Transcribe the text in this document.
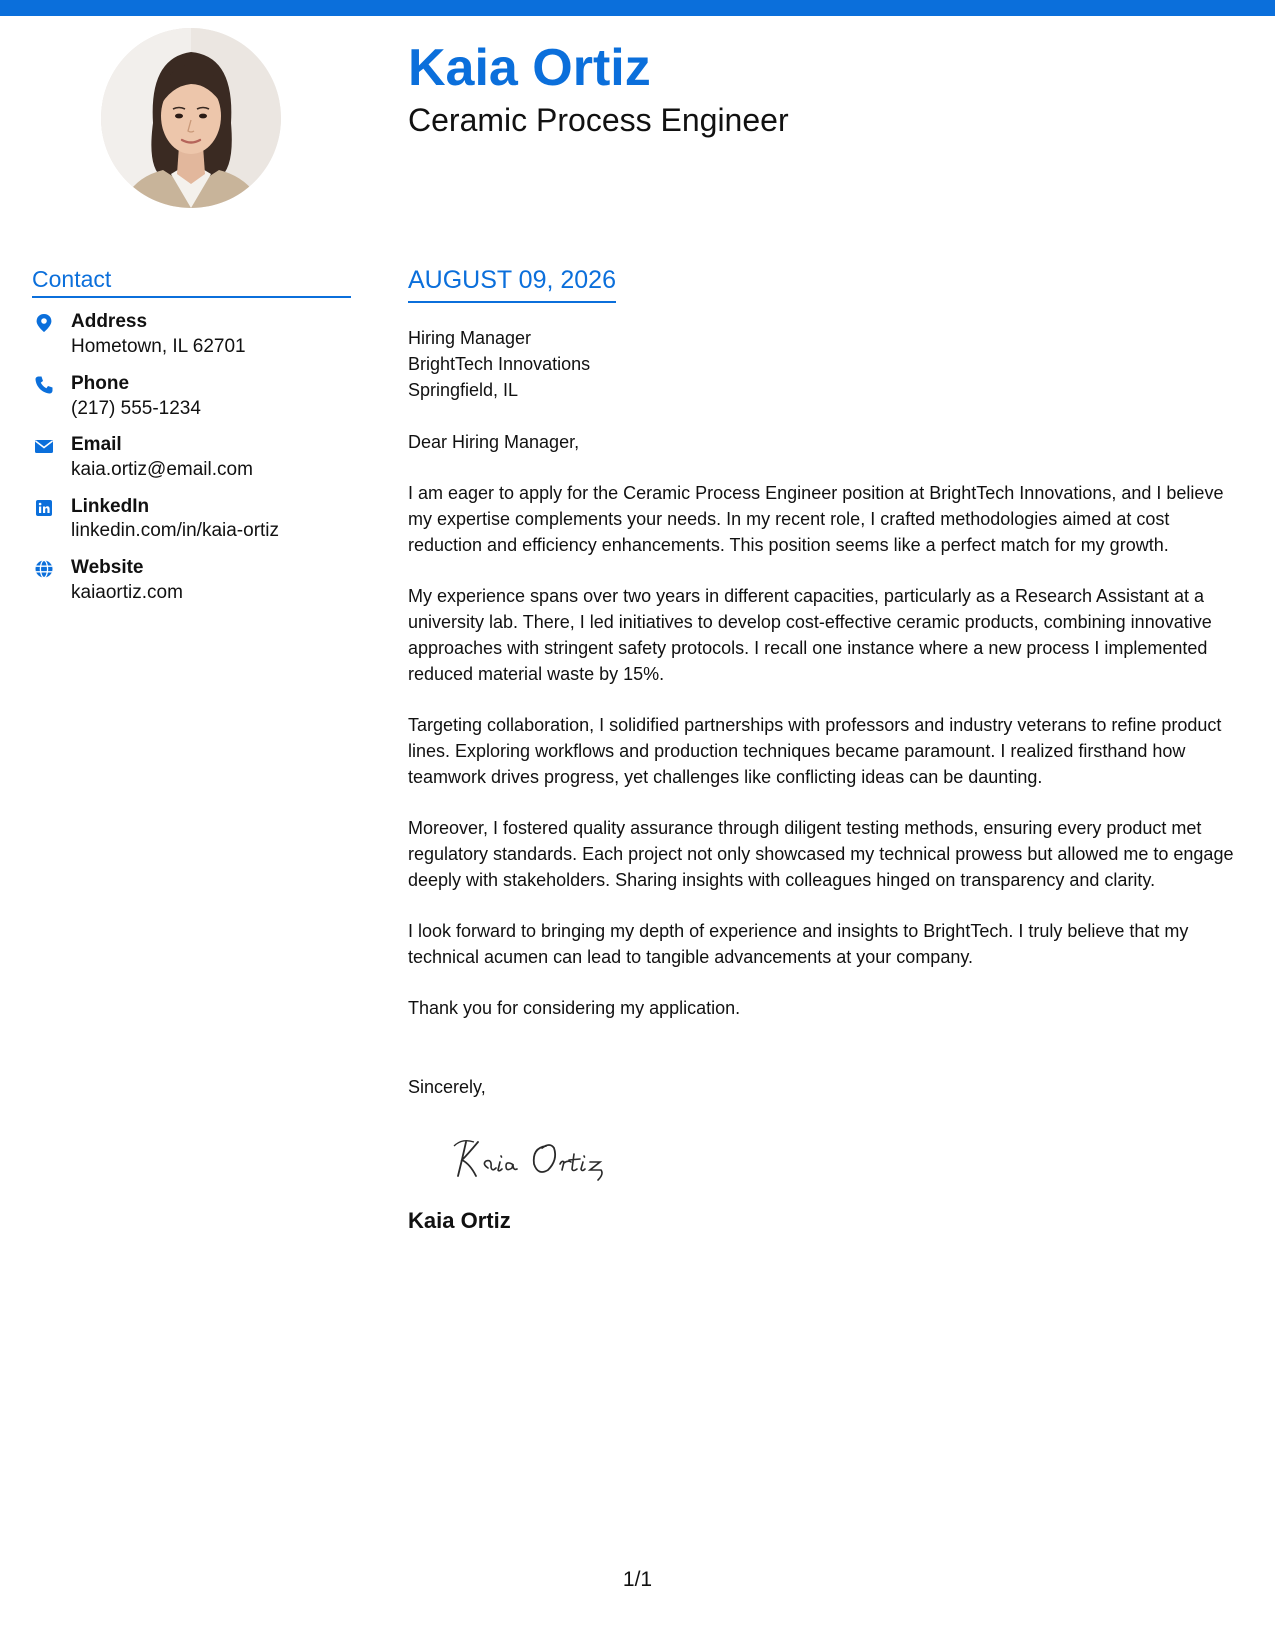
Kaia Ortiz
Ceramic Process Engineer
Contact
Address
Hometown, IL 62701
Phone
(217) 555-1234
Email
kaia.ortiz@email.com
LinkedIn
linkedin.com/in/kaia-ortiz
Website
kaiaortiz.com
AUGUST 09, 2026
Hiring Manager
BrightTech Innovations
Springfield, IL

Dear Hiring Manager,

I am eager to apply for the Ceramic Process Engineer position at BrightTech Innovations, and I believe my expertise complements your needs. In my recent role, I crafted methodologies aimed at cost reduction and efficiency enhancements. This position seems like a perfect match for my growth.

My experience spans over two years in different capacities, particularly as a Research Assistant at a university lab. There, I led initiatives to develop cost-effective ceramic products, combining innovative approaches with stringent safety protocols. I recall one instance where a new process I implemented reduced material waste by 15%.

Targeting collaboration, I solidified partnerships with professors and industry veterans to refine product lines. Exploring workflows and production techniques became paramount. I realized firsthand how teamwork drives progress, yet challenges like conflicting ideas can be daunting.

Moreover, I fostered quality assurance through diligent testing methods, ensuring every product met regulatory standards. Each project not only showcased my technical prowess but allowed me to engage deeply with stakeholders. Sharing insights with colleagues hinged on transparency and clarity.

I look forward to bringing my depth of experience and insights to BrightTech. I truly believe that my technical acumen can lead to tangible advancements at your company.

Thank you for considering my application.

Sincerely,

Kaia Ortiz
1/1
